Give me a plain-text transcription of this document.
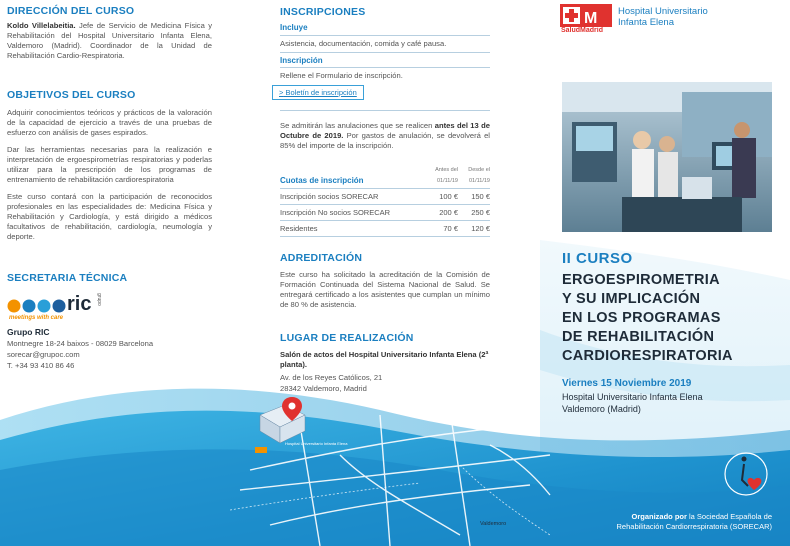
DIRECCIÓN DEL CURSO
Koldo Villelabeitia. Jefe de Servicio de Medicina Física y Rehabilitación del Hospital Universitario Infanta Elena, Valdemoro (Madrid). Coordinador de la Unidad de Rehabilitación Cardio-Respiratoria.
OBJETIVOS DEL CURSO
Adquirir conocimientos teóricos y prácticos de la valoración de la capacidad de ejercicio a través de una pruebas de esfuerzo con análisis de gases espirados.
Dar las herramientas necesarias para la realización e interpretación de ergoespirometrías respiratorias y poderlas utilizar para la prescripción de los programas de entrenamiento de rehabilitación cardiorespiratoria
Este curso contará con la participación de reconocidos profesionales en las especialidades de: Medicina Física y Rehabilitación y Cardiología, y está dirigido a médicos facultativos de rehabilitación, cardiología, neumología y deporte.
SECRETARIA TÉCNICA
ric grupo
meetings with care
Grupo RIC
Montnegre 18-24 baixos - 08029 Barcelona
sorecar@grupoc.com
T. +34 93 410 86 46
INSCRIPCIONES
Incluye
Asistencia, documentación, comida y café pausa.
Inscripción
Rellene el Formulario de inscripción.
> Boletín de inscripción
Se admitirán las anulaciones que se realicen antes del 13 de Octubre de 2019. Por gastos de anulación, se devolverá el 85% del importe de la inscripción.
	Antes del	Desde el
Cuotas de inscripción	01/11/19	01/11/19
Inscripción socios SORECAR	100 €	150 €
Inscripción No socios SORECAR	200 €	250 €
Residentes	70 €	120 €
ADREDITACIÓN
Este curso ha solicitado la acreditación de la Comisión de Formación Continuada del Sistema Nacional de Salud. Se entregará certificado a los asistentes que cumplan un mínimo de 80 % de asistencia.
LUGAR DE REALIZACIÓN
Salón de actos del Hospital Universitario Infanta Elena (2ª planta).
Av. de los Reyes Católicos, 21
28342 Valdemoro, Madrid
Hospital Universitario Infanta Elena
Valdemoro
M
SaludMadrid
Hospital Universitario
Infanta Elena
II CURSO
ERGOESPIROMETRIA
Y SU IMPLICACIÓN
EN LOS PROGRAMAS
DE REHABILITACIÓN
CARDIORESPIRATORIA
Viernes 15 Noviembre 2019
Hospital Universitario Infanta Elena
Valdemoro (Madrid)
Organizado por la Sociedad Española de
Rehabilitación Cardiorrespiratoria (SORECAR)
